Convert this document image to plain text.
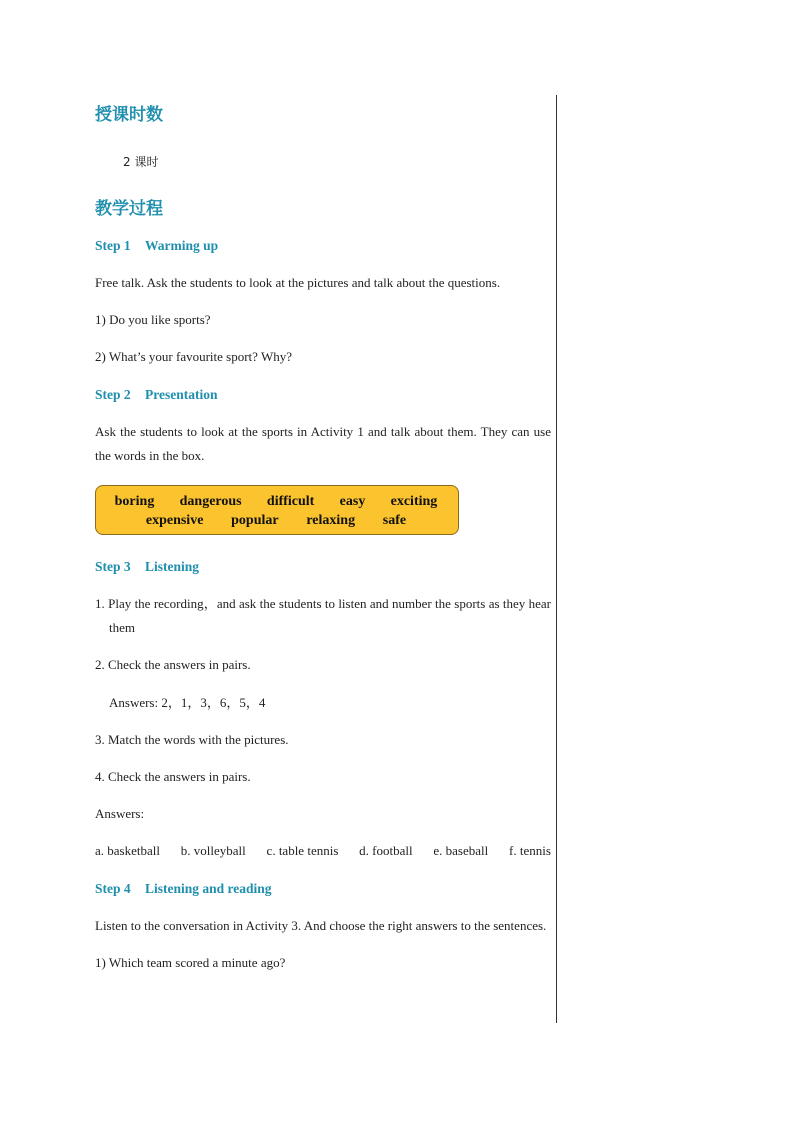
授课时数
2 课时
教学过程
Step 1 Warming up
Free talk. Ask the students to look at the pictures and talk about the questions.
1) Do you like sports?
2) What’s your favourite sport? Why?
Step 2 Presentation
Ask the students to look at the sports in Activity 1 and talk about them. They can use the words in the box.
boring dangerous difficult easy exciting
expensive popular relaxing safe
Step 3 Listening
1. Play the recording，and ask the students to listen and number the sports as they hear them
2. Check the answers in pairs.
Answers: 2，1，3，6，5，4
3. Match the words with the pictures.
4. Check the answers in pairs.
Answers:
a. basketball b. volleyball c. table tennis d. football e. baseball f. tennis
Step 4 Listening and reading
Listen to the conversation in Activity 3. And choose the right answers to the sentences.
1) Which team scored a minute ago?
